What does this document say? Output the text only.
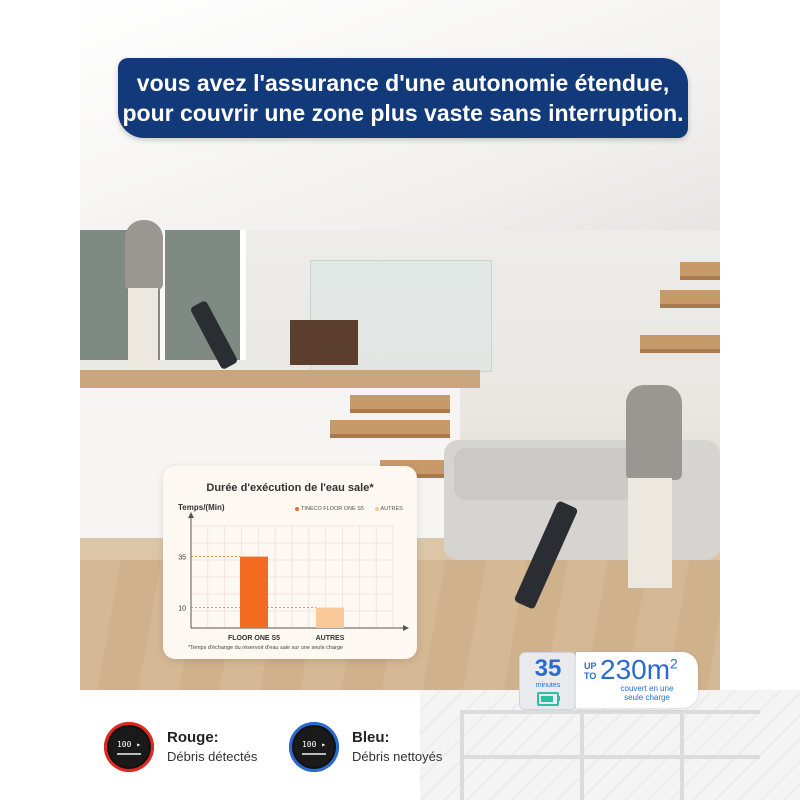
vous avez l'assurance d'une autonomie étendue,
pour couvrir une zone plus vaste sans interruption.
Durée d'exécution de l'eau sale*
Temps/(Min)	TINECO FLOOR ONE S5	AUTRES
35
FLOOR ONE S5
10
AUTRES
*Temps d'échange du réservoir d'eau sale sur une seule charge
35
minutes
UP TO $230m^2$
couvert en une
seule charge
100 ▸	Rouge:
Débris détectés
100 ▸	Bleu:
Débris nettoyés
